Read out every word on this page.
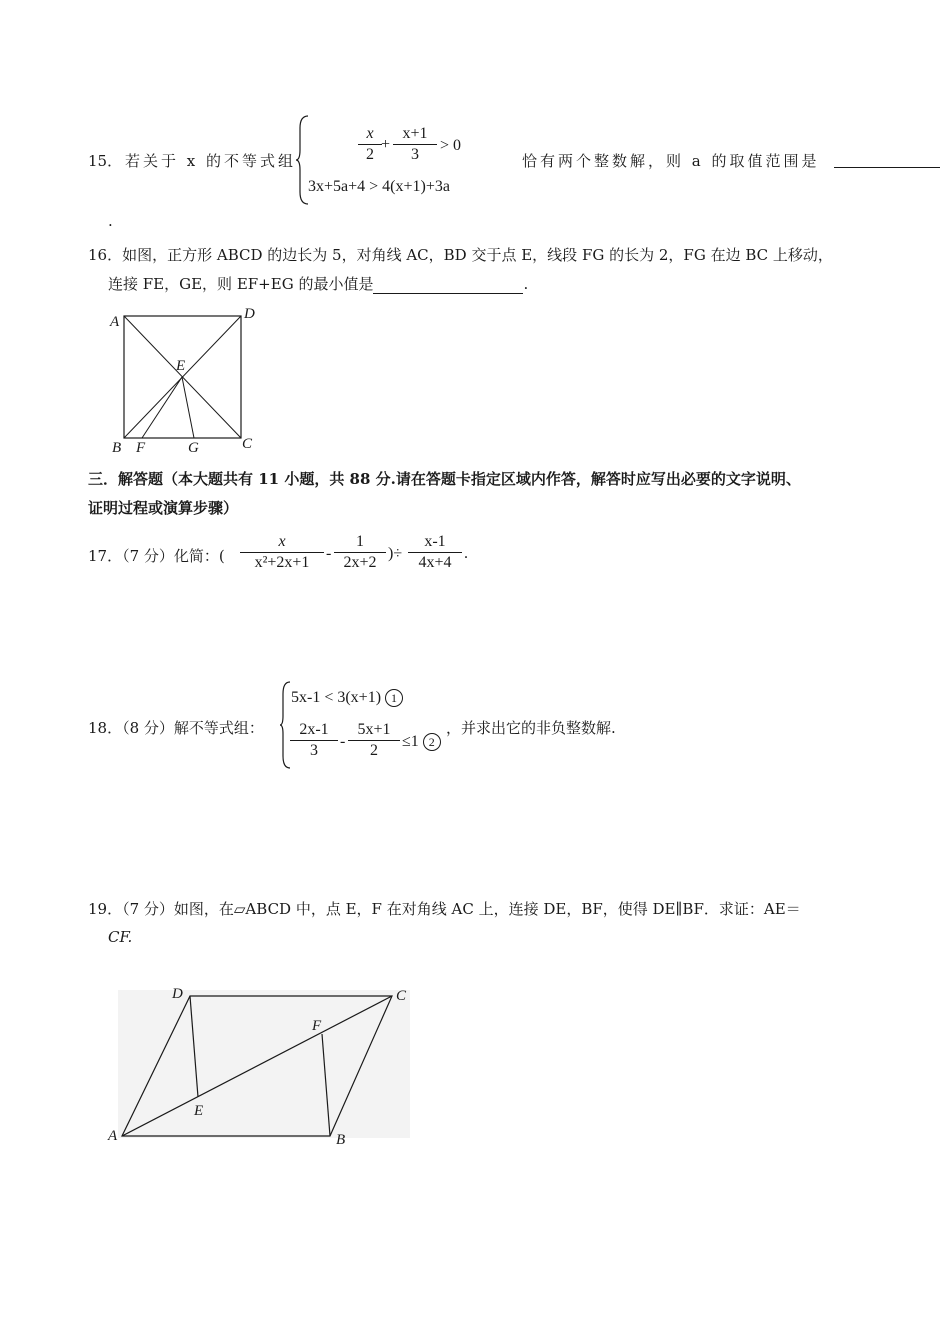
15． 若关于 x 的不等式组
x
2
+
x+1
3
> 0
3x+5a+4 > 4(x+1)+3a
恰有两个整数解，则 a 的取值范围是
.
16．如图，正方形 ABCD 的边长为 5，对角线 AC，BD 交于点 E，线段 FG 的长为 2，FG 在边 BC 上移动，
连接 FE，GE，则 EF+EG 的最小值是	.
A	D
E
B F	G	C
三．解答题（本大题共有 11 小题，共 88 分.请在答题卡指定区域内作答，解答时应写出必要的文字说明、
证明过程或演算步骤）
17．（7 分）化简：(
x
x²+2x+1
-
1
2x+2
)÷
x-1
4x+4
.
18．（8 分）解不等式组：
5x-1 < 3(x+1) 1
2x-1
3
-
5x+1
2
≤1 2
，并求出它的非负整数解.
19．（7 分）如图，在▱ABCD 中，点 E，F 在对角线 AC 上，连接 DE，BF，使得 DE∥BF．求证：AE＝
CF.
D	C
F
E
A	B
